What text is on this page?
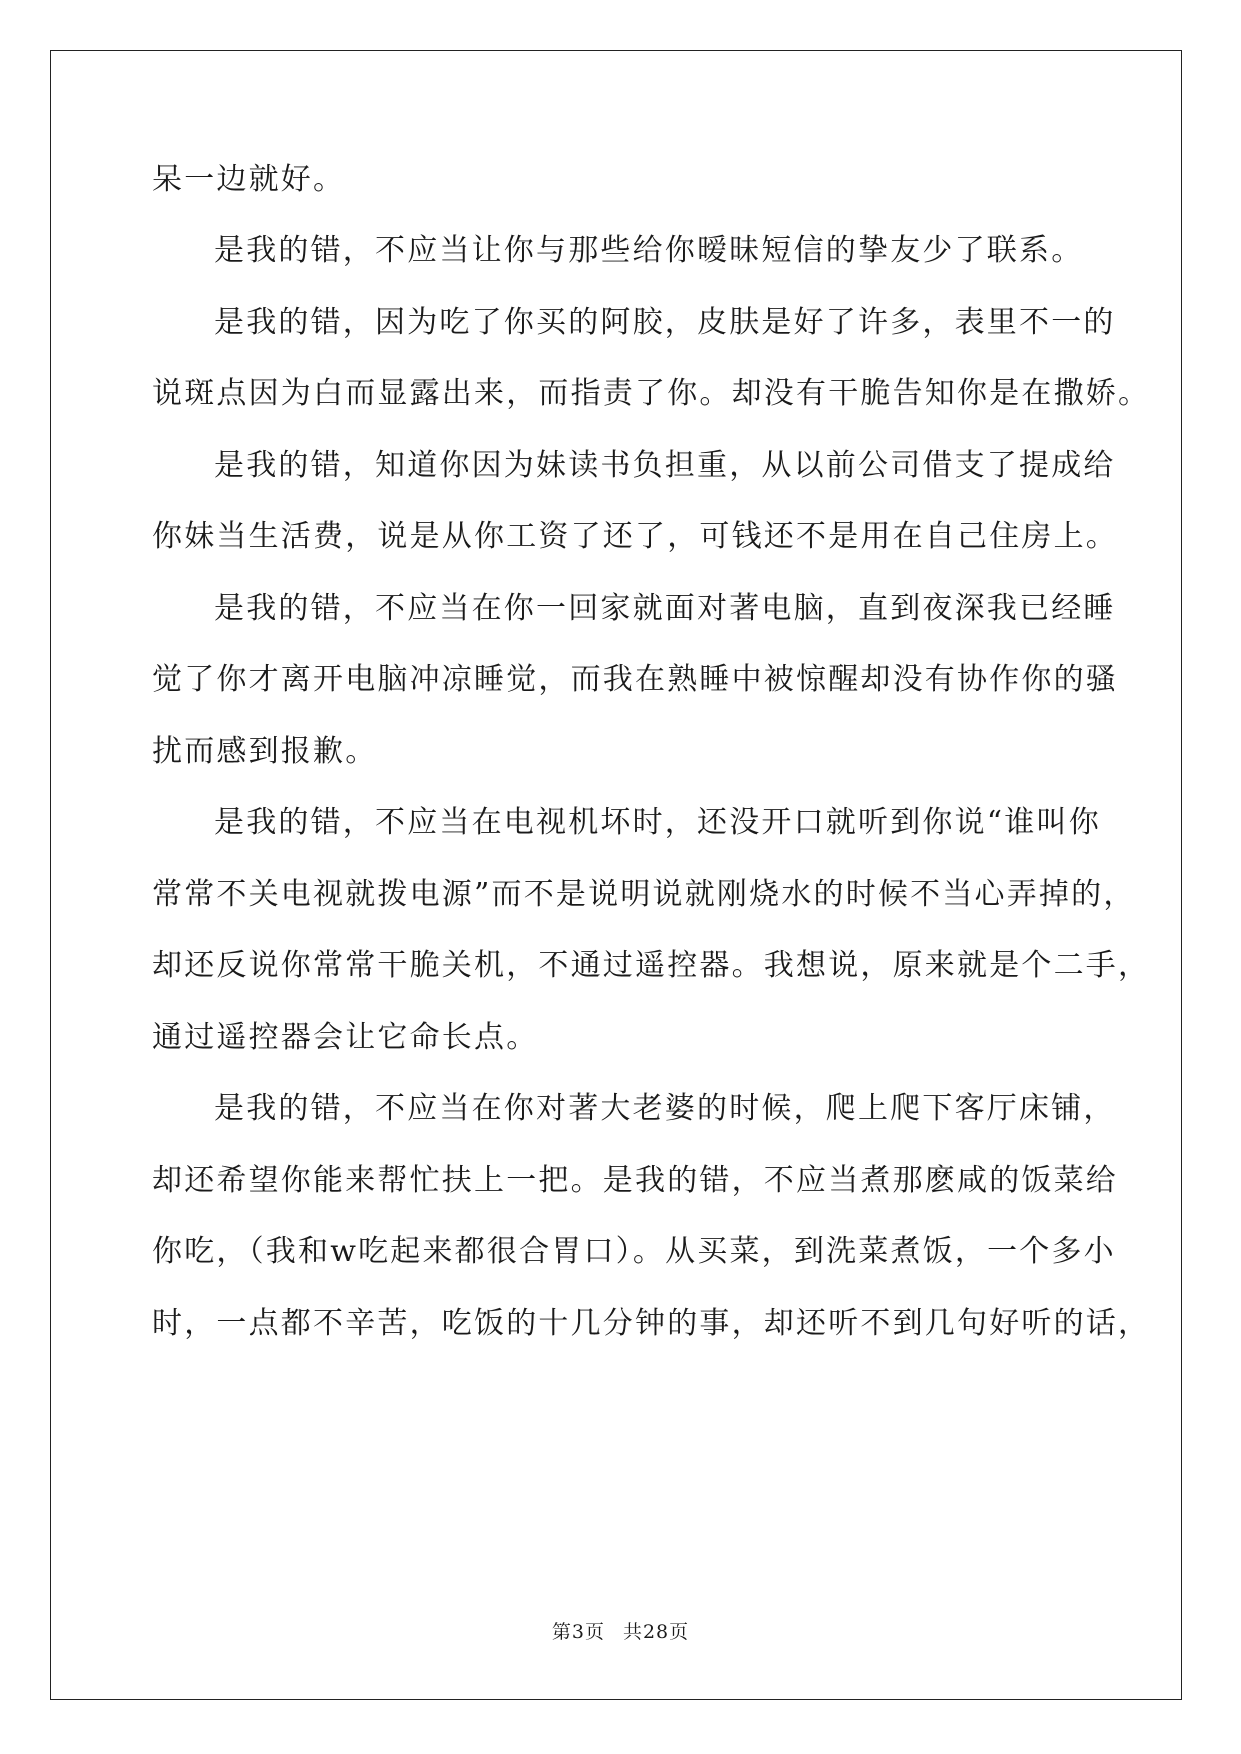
呆一边就好。
是我的错，不应当让你与那些给你暧昧短信的挚友少了联系。
是我的错，因为吃了你买的阿胶，皮肤是好了许多，表里不一的
说斑点因为白而显露出来，而指责了你。却没有干脆告知你是在撒娇。
是我的错，知道你因为妹读书负担重，从以前公司借支了提成给
你妹当生活费，说是从你工资了还了，可钱还不是用在自己住房上。
是我的错，不应当在你一回家就面对著电脑，直到夜深我已经睡
觉了你才离开电脑冲凉睡觉，而我在熟睡中被惊醒却没有协作你的骚
扰而感到报歉。
是我的错，不应当在电视机坏时，还没开口就听到你说“谁叫你
常常不关电视就拨电源”而不是说明说就刚烧水的时候不当心弄掉的，
却还反说你常常干脆关机，不通过遥控器。我想说，原来就是个二手，
通过遥控器会让它命长点。
是我的错，不应当在你对著大老婆的时候，爬上爬下客厅床铺，
却还希望你能来帮忙扶上一把。是我的错，不应当煮那麽咸的饭菜给
你吃，（我和w吃起来都很合胃口）。从买菜，到洗菜煮饭，一个多小
时，一点都不辛苦，吃饭的十几分钟的事，却还听不到几句好听的话，
第3页 共28页
